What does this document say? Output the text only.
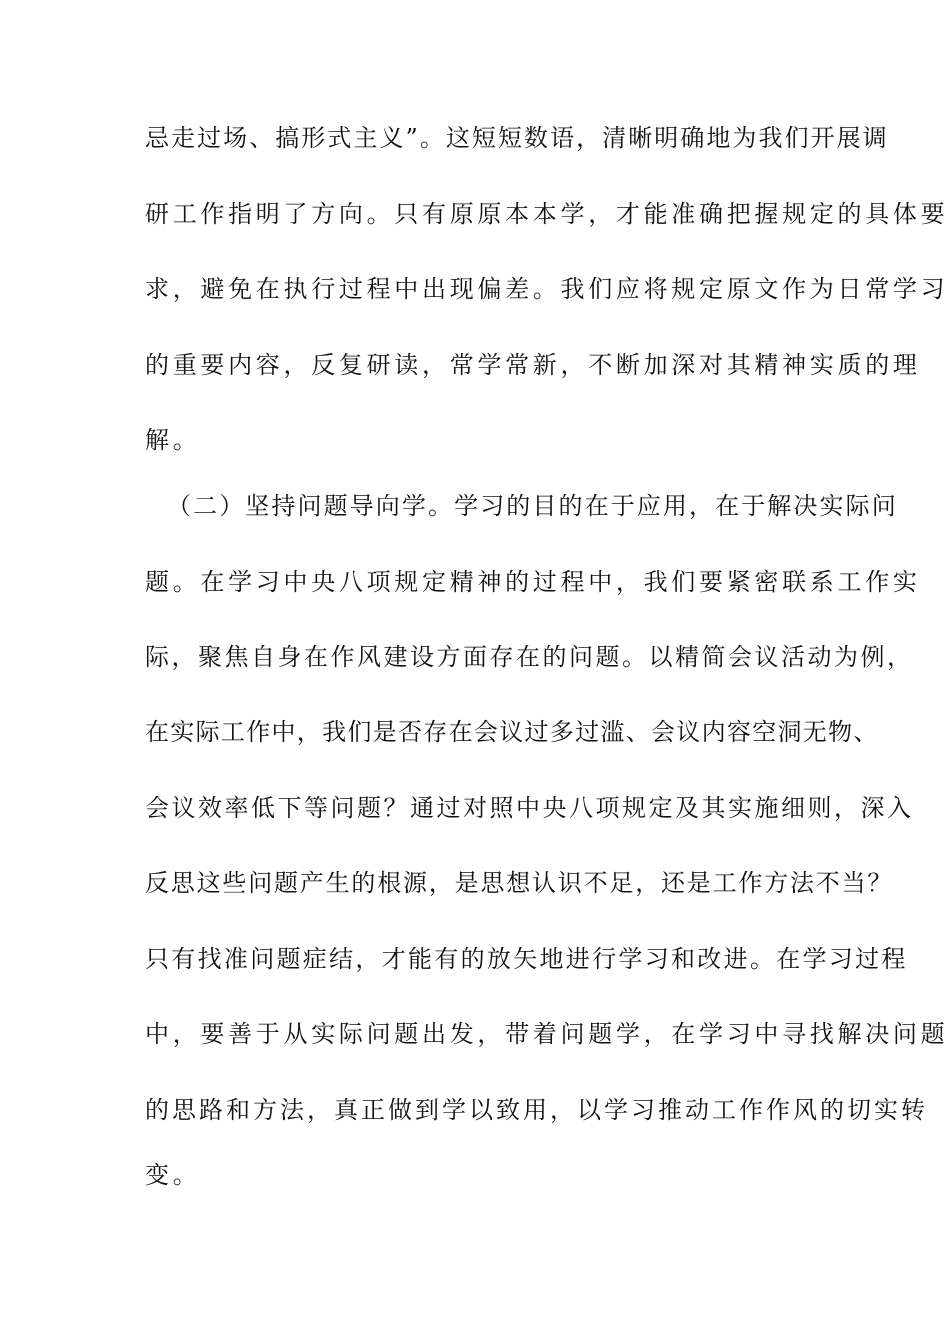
忌走过场、搞形式主义”。这短短数语，清晰明确地为我们开展调

研工作指明了方向。只有原原本本学，才能准确把握规定的具体要

求，避免在执行过程中出现偏差。我们应将规定原文作为日常学习

的重要内容，反复研读，常学常新，不断加深对其精神实质的理

解。

（二）坚持问题导向学。学习的目的在于应用，在于解决实际问

题。在学习中央八项规定精神的过程中，我们要紧密联系工作实

际，聚焦自身在作风建设方面存在的问题。以精简会议活动为例，

在实际工作中，我们是否存在会议过多过滥、会议内容空洞无物、

会议效率低下等问题？通过对照中央八项规定及其实施细则，深入

反思这些问题产生的根源，是思想认识不足，还是工作方法不当？

只有找准问题症结，才能有的放矢地进行学习和改进。在学习过程

中，要善于从实际问题出发，带着问题学，在学习中寻找解决问题

的思路和方法，真正做到学以致用，以学习推动工作作风的切实转

变。
